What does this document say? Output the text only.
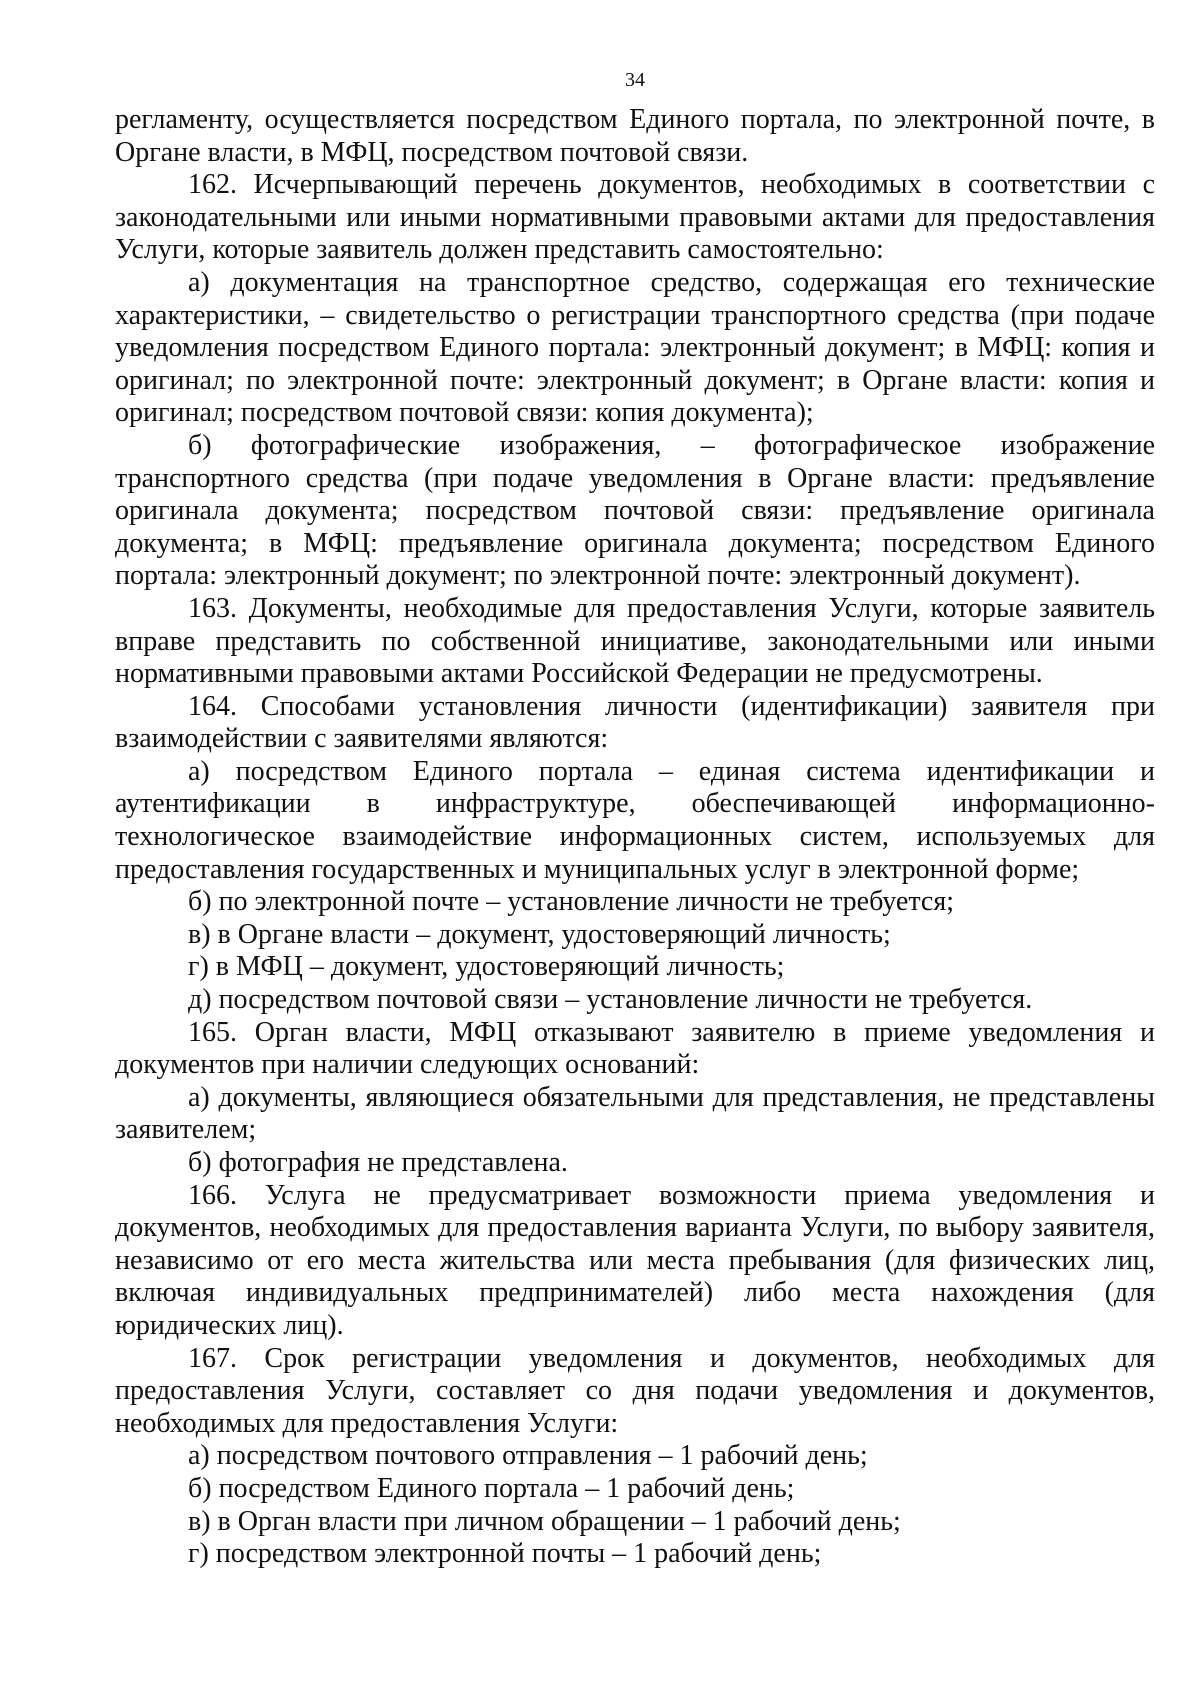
34

регламенту, осуществляется посредством Единого портала, по электронной почте, в Органе власти, в МФЦ, посредством почтовой связи.

162. Исчерпывающий перечень документов, необходимых в соответствии с законодательными или иными нормативными правовыми актами для предоставления Услуги, которые заявитель должен представить самостоятельно:

а) документация на транспортное средство, содержащая его технические характеристики, – свидетельство о регистрации транспортного средства (при подаче уведомления посредством Единого портала: электронный документ; в МФЦ: копия и оригинал; по электронной почте: электронный документ; в Органе власти: копия и оригинал; посредством почтовой связи: копия документа);

б) фотографические изображения, – фотографическое изображение транспортного средства (при подаче уведомления в Органе власти: предъявление оригинала документа; посредством почтовой связи: предъявление оригинала документа; в МФЦ: предъявление оригинала документа; посредством Единого портала: электронный документ; по электронной почте: электронный документ).

163. Документы, необходимые для предоставления Услуги, которые заявитель вправе представить по собственной инициативе, законодательными или иными нормативными правовыми актами Российской Федерации не предусмотрены.

164. Способами установления личности (идентификации) заявителя при взаимодействии с заявителями являются:

а) посредством Единого портала – единая система идентификации и аутентификации в инфраструктуре, обеспечивающей информационно-технологическое взаимодействие информационных систем, используемых для предоставления государственных и муниципальных услуг в электронной форме;

б) по электронной почте – установление личности не требуется;

в) в Органе власти – документ, удостоверяющий личность;

г) в МФЦ – документ, удостоверяющий личность;

д) посредством почтовой связи – установление личности не требуется.

165. Орган власти, МФЦ отказывают заявителю в приеме уведомления и документов при наличии следующих оснований:

а) документы, являющиеся обязательными для представления, не представлены заявителем;

б) фотография не представлена.

166. Услуга не предусматривает возможности приема уведомления и документов, необходимых для предоставления варианта Услуги, по выбору заявителя, независимо от его места жительства или места пребывания (для физических лиц, включая индивидуальных предпринимателей) либо места нахождения (для юридических лиц).

167. Срок регистрации уведомления и документов, необходимых для предоставления Услуги, составляет со дня подачи уведомления и документов, необходимых для предоставления Услуги:

а) посредством почтового отправления – 1 рабочий день;

б) посредством Единого портала – 1 рабочий день;

в) в Орган власти при личном обращении – 1 рабочий день;

г) посредством электронной почты – 1 рабочий день;
